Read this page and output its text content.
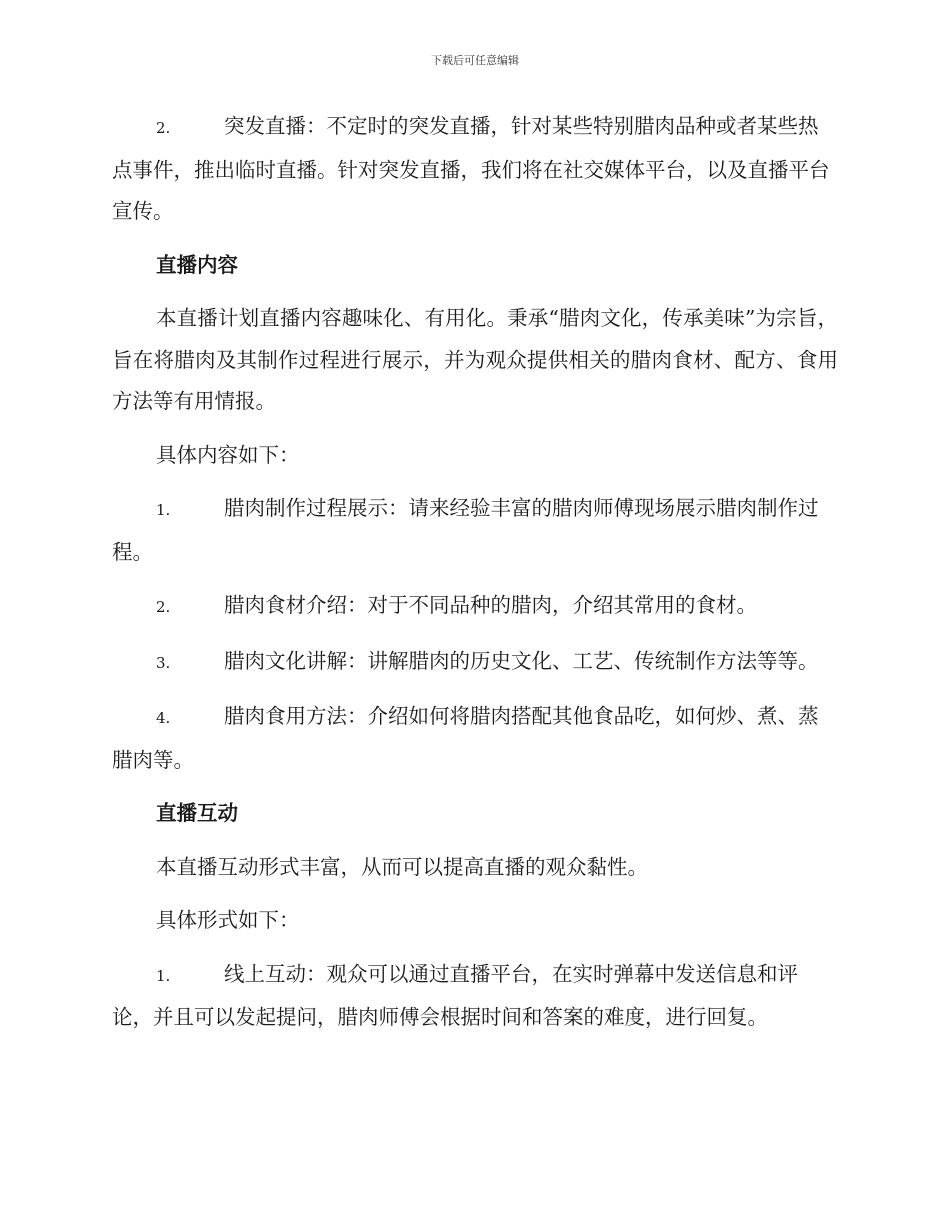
下载后可任意编辑

2.	突发直播：不定时的突发直播，针对某些特别腊肉品种或者某些热点事件，推出临时直播。针对突发直播，我们将在社交媒体平台，以及直播平台宣传。

直播内容

本直播计划直播内容趣味化、有用化。秉承“腊肉文化，传承美味”为宗旨，旨在将腊肉及其制作过程进行展示，并为观众提供相关的腊肉食材、配方、食用方法等有用情报。

具体内容如下：

1.	腊肉制作过程展示：请来经验丰富的腊肉师傅现场展示腊肉制作过程。

2.	腊肉食材介绍：对于不同品种的腊肉，介绍其常用的食材。

3.	腊肉文化讲解：讲解腊肉的历史文化、工艺、传统制作方法等等。

4.	腊肉食用方法：介绍如何将腊肉搭配其他食品吃，如何炒、煮、蒸腊肉等。

直播互动

本直播互动形式丰富，从而可以提高直播的观众黏性。

具体形式如下：

1.	线上互动：观众可以通过直播平台，在实时弹幕中发送信息和评论，并且可以发起提问，腊肉师傅会根据时间和答案的难度，进行回复。
